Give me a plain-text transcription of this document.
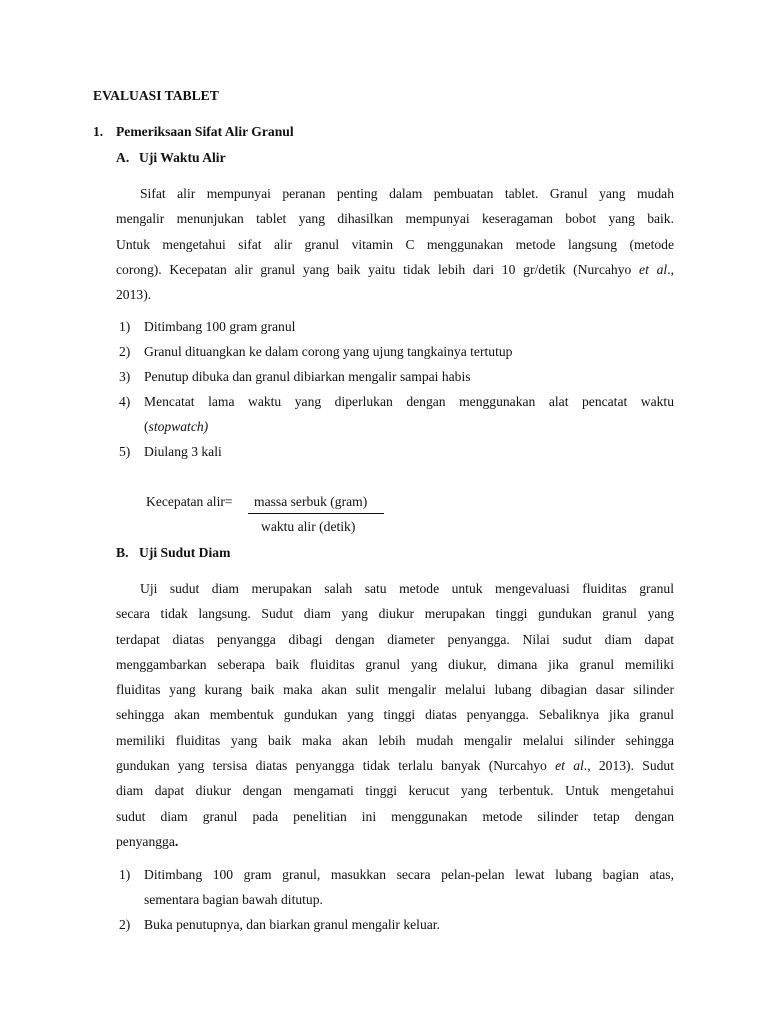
EVALUASI TABLET
1. Pemeriksaan Sifat Alir Granul
A. Uji Waktu Alir
Sifat alir mempunyai peranan penting dalam pembuatan tablet. Granul yang mudah
mengalir menunjukan tablet yang dihasilkan mempunyai keseragaman bobot yang baik.
Untuk mengetahui sifat alir granul vitamin C menggunakan metode langsung (metode
corong). Kecepatan alir granul yang baik yaitu tidak lebih dari 10 gr/detik (Nurcahyo et al.,
2013).
1)	Ditimbang 100 gram granul
2)	Granul dituangkan ke dalam corong yang ujung tangkainya tertutup
3)	Penutup dibuka dan granul dibiarkan mengalir sampai habis
4)	Mencatat lama waktu yang diperlukan dengan menggunakan alat pencatat waktu
(stopwatch)
5)	Diulang 3 kali
Kecepatan alir= massa serbuk (gram)
waktu alir (detik)
B. Uji Sudut Diam
Uji sudut diam merupakan salah satu metode untuk mengevaluasi fluiditas granul
secara tidak langsung. Sudut diam yang diukur merupakan tinggi gundukan granul yang
terdapat diatas penyangga dibagi dengan diameter penyangga. Nilai sudut diam dapat
menggambarkan seberapa baik fluiditas granul yang diukur, dimana jika granul memiliki
fluiditas yang kurang baik maka akan sulit mengalir melalui lubang dibagian dasar silinder
sehingga akan membentuk gundukan yang tinggi diatas penyangga. Sebaliknya jika granul
memiliki fluiditas yang baik maka akan lebih mudah mengalir melalui silinder sehingga
gundukan yang tersisa diatas penyangga tidak terlalu banyak (Nurcahyo et al., 2013). Sudut
diam dapat diukur dengan mengamati tinggi kerucut yang terbentuk. Untuk mengetahui
sudut diam granul pada penelitian ini menggunakan metode silinder tetap dengan
penyangga.
1)	Ditimbang 100 gram granul, masukkan secara pelan-pelan lewat lubang bagian atas,
sementara bagian bawah ditutup.
2)	Buka penutupnya, dan biarkan granul mengalir keluar.
